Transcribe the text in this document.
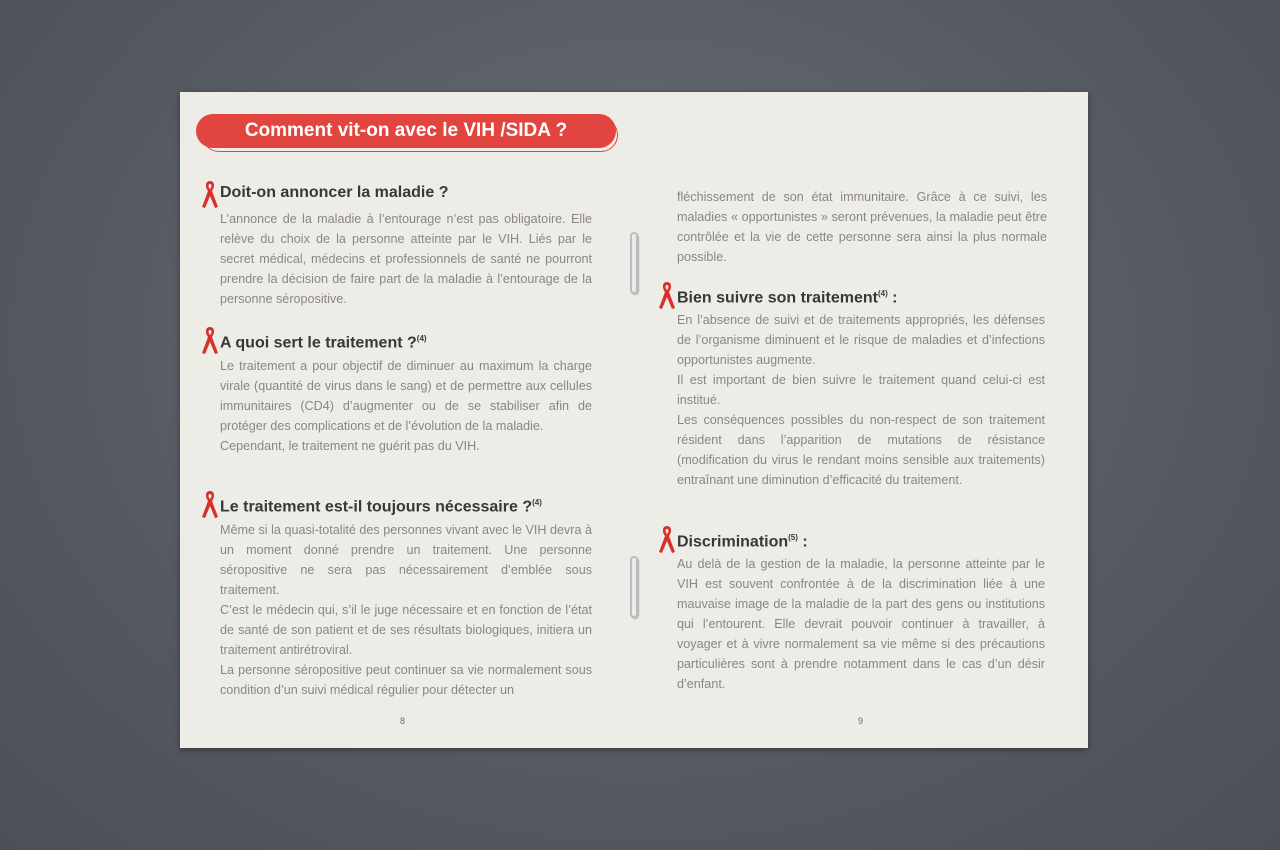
Comment vit-on avec le VIH /SIDA ?
Doit-on annoncer la maladie ?

L’annonce de la maladie à l’entourage n’est pas obligatoire. Elle relève du choix de la personne atteinte par le VIH. Liés par le secret médical, médecins et professionnels de santé ne pourront prendre la décision de faire part de la maladie à l’entourage de la personne séropositive.

A quoi sert le traitement ?$^{(4)}$

Le traitement a pour objectif de diminuer au maximum la charge virale (quantité de virus dans le sang) et de permettre aux cellules immunitaires (CD4) d’augmenter ou de se stabiliser afin de protéger des complications et de l’évolution de la maladie.

Cependant, le traitement ne guérit pas du VIH.

Le traitement est-il toujours nécessaire ?$^{(4)}$

Même si la quasi-totalité des personnes vivant avec le VIH devra à un moment donné prendre un traitement. Une personne séropositive ne sera pas nécessairement d’emblée sous traitement.

C’est le médecin qui, s’il le juge nécessaire et en fonction de l’état de santé de son patient et de ses résultats biologiques, initiera un traitement antirétroviral.

La personne séropositive peut continuer sa vie normalement sous condition d’un suivi médical régulier pour détecter un

8

fléchissement de son état immunitaire. Grâce à ce suivi, les maladies « opportunistes » seront prévenues, la maladie peut être contrôlée et la vie de cette personne sera ainsi la plus normale possible.

Bien suivre son traitement$^{(4)}$ :

En l’absence de suivi et de traitements appropriés, les défenses de l’organisme diminuent et le risque de maladies et d’infections opportunistes augmente.

Il est important de bien suivre le traitement quand celui-ci est institué.

Les conséquences possibles du non-respect de son traitement résident dans l’apparition de mutations de résistance (modification du virus le rendant moins sensible aux traitements) entraînant une diminution d’efficacité du traitement.

Discrimination$^{(5)}$ :

Au delà de la gestion de la maladie, la personne atteinte par le VIH est souvent confrontée à de la discrimination liée à une mauvaise image de la maladie de la part des gens ou institutions qui l’entourent. Elle devrait pouvoir continuer à travailler, à voyager et à vivre normalement sa vie même si des précautions particulières sont à prendre notamment dans le cas d’un désir d’enfant.

9
